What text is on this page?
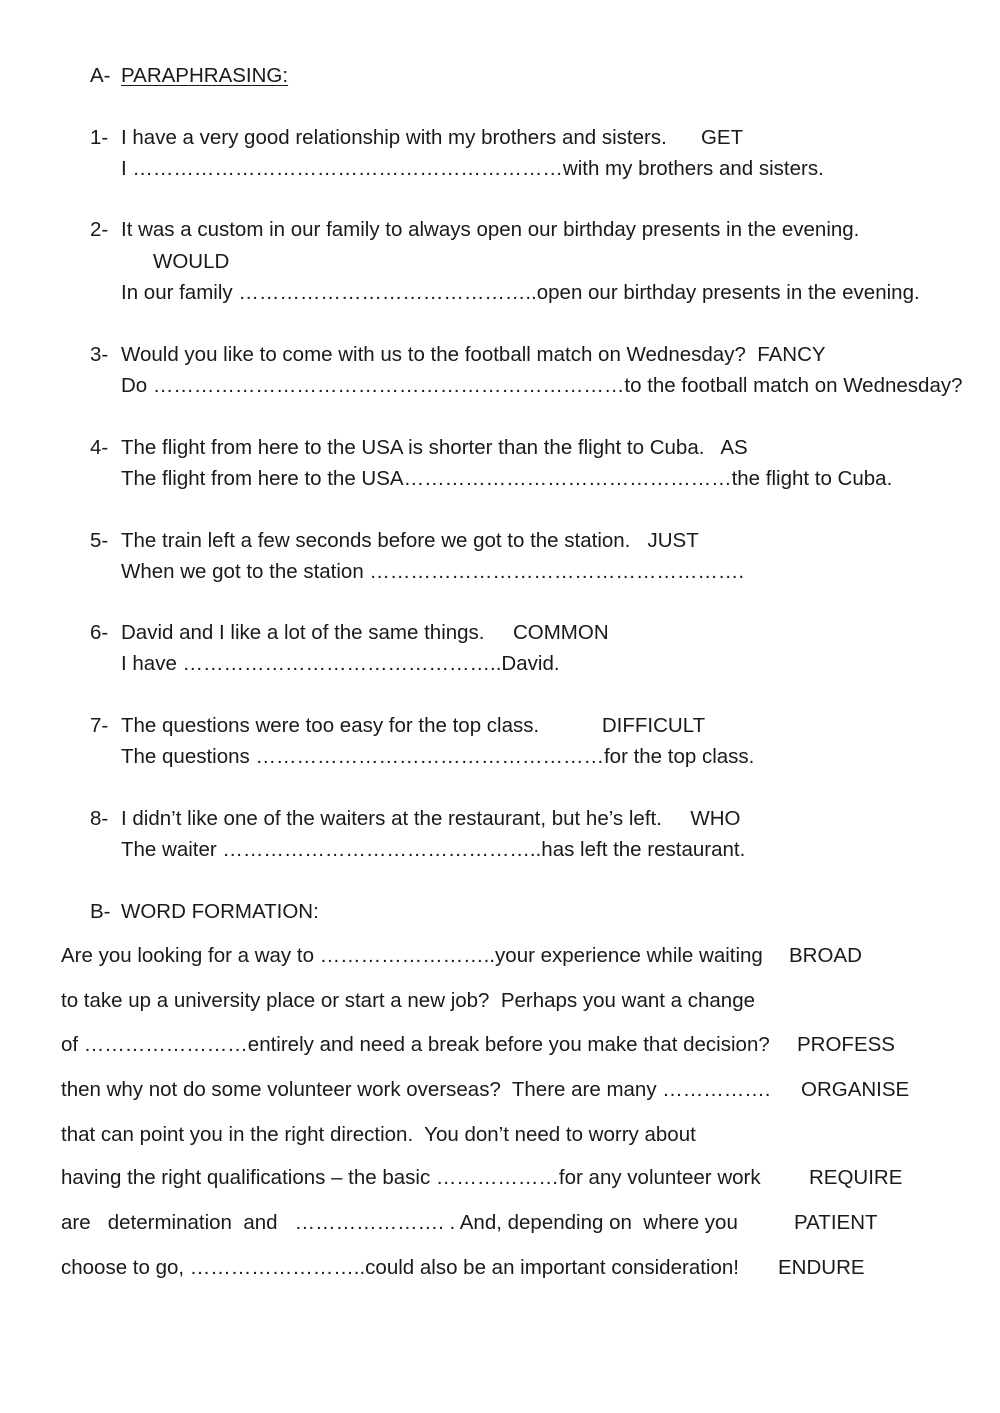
A- PARAPHRASING:
1- I have a very good relationship with my brothers and sisters.      GET
I ………………………………………………………with my brothers and sisters.
2- It was a custom in our family to always open our birthday presents in the evening.
WOULD
In our family ……………………………………..open our birthday presents in the evening.
3- Would you like to come with us to the football match on Wednesday?  FANCY
Do ……………………………………………………………to the football match on Wednesday?
4- The flight from here to the USA is shorter than the flight to Cuba.   AS
The flight from here to the USA…………………………………………the flight to Cuba.
5- The train left a few seconds before we got to the station.   JUST
When we got to the station ……………………………………………….
6- David and I like a lot of the same things.     COMMON
I have ………………………………………..David.
7- The questions were too easy for the top class.           DIFFICULT
The questions ……………………………………………for the top class.
8- I didn’t like one of the waiters at the restaurant, but he’s left.     WHO
The waiter ………………………………………..has left the restaurant.
B- WORD FORMATION:
Are you looking for a way to ……………………..your experience while waiting BROAD
to take up a university place or start a new job?  Perhaps you want a change
of ……………………entirely and need a break before you make that decision? PROFESS
then why not do some volunteer work overseas?  There are many ……………. ORGANISE
that can point you in the right direction.  You don’t need to worry about
having the right qualifications – the basic ………………for any volunteer work REQUIRE
are   determination  and   …………………. . And, depending on  where you	PATIENT
choose to go, ……………………..could also be an important consideration! ENDURE
